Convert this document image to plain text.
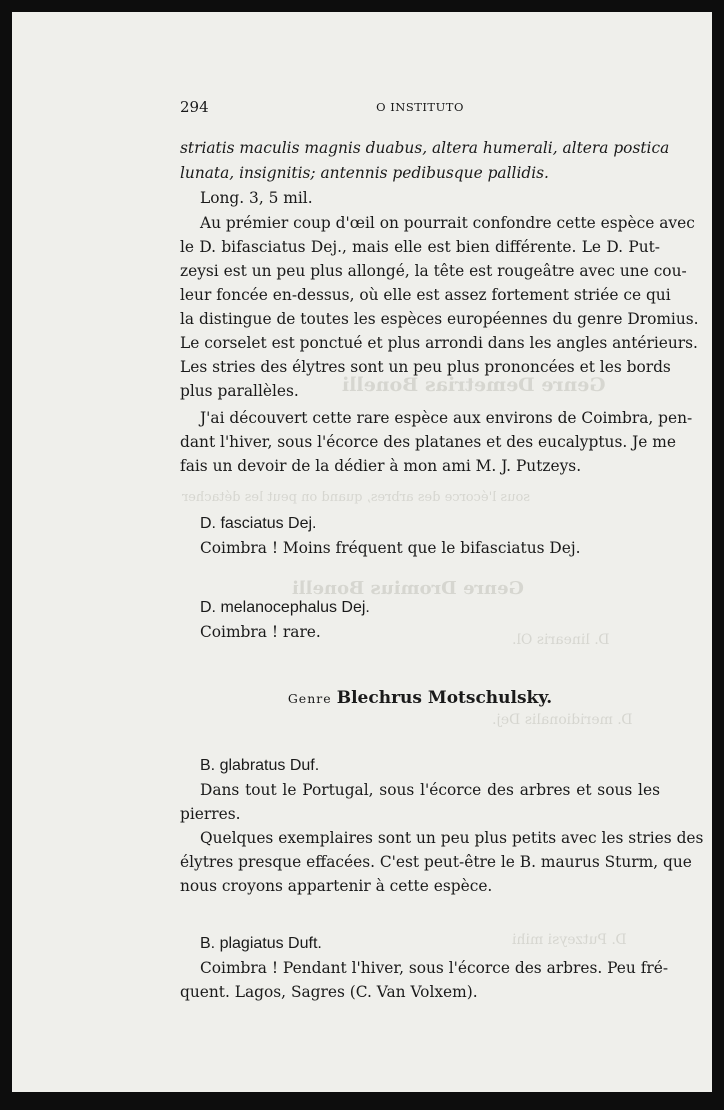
Genre Demetrias Bonelli
sous l'écorce des arbres, quand on peut les détacher
Genre Dromius Bonelli
D. linearis Ol.
D. meridionalis Dej.
D. Putzeysi mihi
294	O INSTITUTO
striatis maculis magnis duabus, altera humerali, altera postica
lunata, insignitis; antennis pedibusque pallidis.
Long. 3, 5 mil.
Au prémier coup d'œil on pourrait confondre cette espèce avec
le D. bifasciatus Dej., mais elle est bien différente. Le D. Put-
zeysi est un peu plus allongé, la tête est rougeâtre avec une cou-
leur foncée en-dessus, où elle est assez fortement striée ce qui
la distingue de toutes les espèces européennes du genre Dromius.
Le corselet est ponctué et plus arrondi dans les angles antérieurs.
Les stries des élytres sont un peu plus prononcées et les bords
plus parallèles.
J'ai découvert cette rare espèce aux environs de Coimbra, pen-
dant l'hiver, sous l'écorce des platanes et des eucalyptus. Je me
fais un devoir de la dédier à mon ami M. J. Putzeys.
D. fasciatus Dej.
Coimbra ! Moins fréquent que le bifasciatus Dej.
D. melanocephalus Dej.
Coimbra ! rare.
Genre Blechrus Motschulsky.
B. glabratus Duf.
Dans tout le Portugal, sous l'écorce des arbres et sous les
pierres.
Quelques exemplaires sont un peu plus petits avec les stries des
élytres presque effacées. C'est peut-être le B. maurus Sturm, que
nous croyons appartenir à cette espèce.
B. plagiatus Duft.
Coimbra ! Pendant l'hiver, sous l'écorce des arbres. Peu fré-
quent. Lagos, Sagres (C. Van Volxem).
